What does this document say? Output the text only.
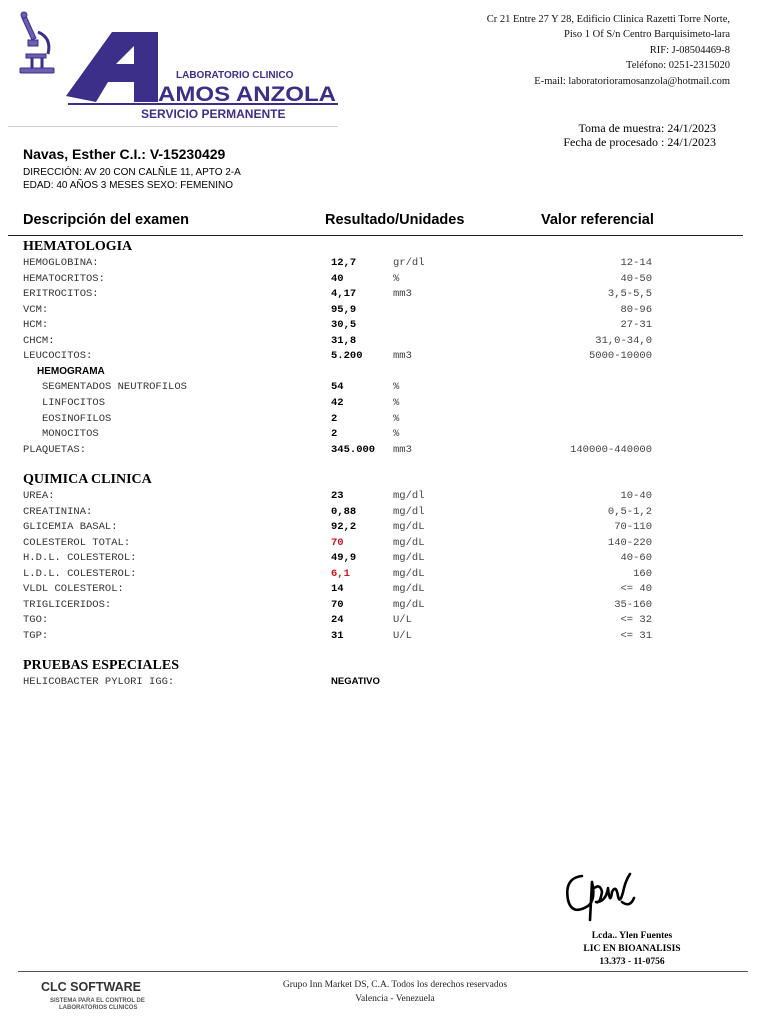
LABORATORIO CLINICO
AMOS ANZOLA
SERVICIO PERMANENTE
Cr 21 Entre 27 Y 28, Edificio Clinica Razetti Torre Norte,
Piso 1 Of S/n Centro Barquisimeto-lara
RIF: J-08504469-8
Teléfono: 0251-2315020
E-mail: laboratorioramosanzola@hotmail.com
Toma de muestra: 24/1/2023
Fecha de procesado : 24/1/2023
Navas, Esther C.I.: V-15230429
DIRECCIÓN: AV 20 CON CALÑLE 11, APTO 2-A
EDAD: 40 AÑOS 3 MESES SEXO: FEMENINO
Descripción del examen	Resultado/Unidades	Valor referencial
HEMATOLOGIA
HEMOGLOBINA:	12,7	gr/dl	12-14
HEMATOCRITOS:	40	%	40-50
ERITROCITOS:	4,17	mm3	3,5-5,5
VCM:	95,9	80-96
HCM:	30,5	27-31
CHCM:	31,8	31,0-34,0
LEUCOCITOS:	5.200	mm3	5000-10000
HEMOGRAMA
SEGMENTADOS NEUTROFILOS	54	%
LINFOCITOS	42	%
EOSINOFILOS	2	%
MONOCITOS	2	%
PLAQUETAS:	345.000 mm3	140000-440000
QUIMICA CLINICA
UREA:	23	mg/dl	10-40
CREATININA:	0,88	mg/dl	0,5-1,2
GLICEMIA BASAL:	92,2	mg/dL	70-110
COLESTEROL TOTAL:	70	mg/dL	140-220
H.D.L. COLESTEROL:	49,9	mg/dL	40-60
L.D.L. COLESTEROL:	6,1	mg/dL	160
VLDL COLESTEROL:	14	mg/dL	<= 40
TRIGLICERIDOS:	70	mg/dL	35-160
TGO:	24	U/L	<= 32
TGP:	31	U/L	<= 31
PRUEBAS ESPECIALES
HELICOBACTER PYLORI IGG:	NEGATIVO
Lcda.. Ylen Fuentes
LIC EN BIOANALISIS
13.373 - 11-0756
CLC SOFTWARE
SISTEMA PARA EL CONTROL DE
LABORATORIOS CLINICOS
Grupo Inn Market DS, C.A. Todos los derechos reservados
Valencia - Venezuela
